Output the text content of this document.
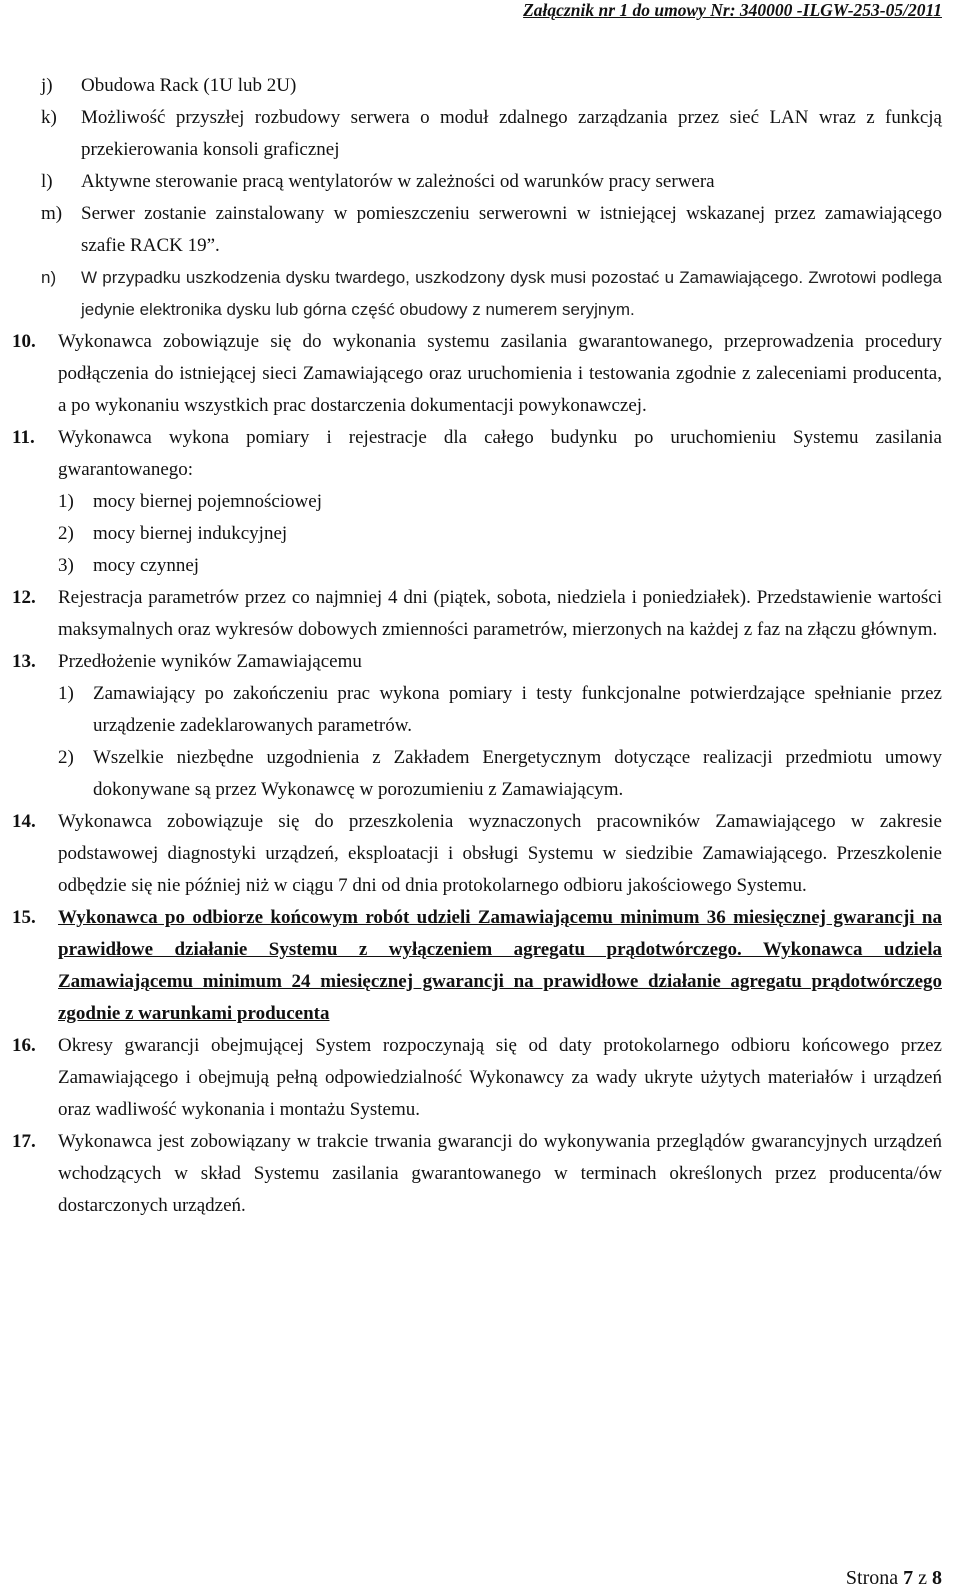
Załącznik nr 1 do umowy Nr: 340000 -ILGW-253-05/2011
j) Obudowa Rack (1U lub 2U)
k) Możliwość przyszłej rozbudowy serwera o moduł zdalnego zarządzania przez sieć LAN wraz z funkcją przekierowania konsoli graficznej
l) Aktywne sterowanie pracą wentylatorów w zależności od warunków pracy serwera
m) Serwer zostanie zainstalowany w pomieszczeniu serwerowni w istniejącej wskazanej przez zamawiającego szafie RACK 19”.
n) W przypadku uszkodzenia dysku twardego, uszkodzony dysk musi pozostać u Zamawiającego. Zwrotowi podlega jedynie elektronika dysku lub górna część obudowy z numerem seryjnym.
10. Wykonawca zobowiązuje się do wykonania systemu zasilania gwarantowanego, przeprowadzenia procedury podłączenia do istniejącej sieci Zamawiającego oraz uruchomienia i testowania zgodnie z zaleceniami producenta, a po wykonaniu wszystkich prac dostarczenia dokumentacji powykonawczej.
11. Wykonawca wykona pomiary i rejestracje dla całego budynku po uruchomieniu Systemu zasilania gwarantowanego:
1) mocy biernej pojemnościowej
2) mocy biernej indukcyjnej
3) mocy czynnej
12. Rejestracja parametrów przez co najmniej 4 dni (piątek, sobota, niedziela i poniedziałek). Przedstawienie wartości maksymalnych oraz wykresów dobowych zmienności parametrów, mierzonych na każdej z faz na złączu głównym.
13. Przedłożenie wyników Zamawiającemu
1) Zamawiający po zakończeniu prac wykona pomiary i testy funkcjonalne potwierdzające spełnianie przez urządzenie zadeklarowanych parametrów.
2) Wszelkie niezbędne uzgodnienia z Zakładem Energetycznym dotyczące realizacji przedmiotu umowy dokonywane są przez Wykonawcę w porozumieniu z Zamawiającym.
14. Wykonawca zobowiązuje się do przeszkolenia wyznaczonych pracowników Zamawiającego w zakresie podstawowej diagnostyki urządzeń, eksploatacji i obsługi Systemu w siedzibie Zamawiającego. Przeszkolenie odbędzie się nie później niż w ciągu 7 dni od dnia protokolarnego odbioru jakościowego Systemu.
15. Wykonawca po odbiorze końcowym robót udzieli Zamawiającemu minimum 36 miesięcznej gwarancji na prawidłowe działanie Systemu z wyłączeniem agregatu prądotwórczego. Wykonawca udziela Zamawiającemu minimum 24 miesięcznej gwarancji na prawidłowe działanie agregatu prądotwórczego zgodnie z warunkami producenta
16. Okresy gwarancji obejmującej System rozpoczynają się od daty protokolarnego odbioru końcowego przez Zamawiającego i obejmują pełną odpowiedzialność Wykonawcy za wady ukryte użytych materiałów i urządzeń oraz wadliwość wykonania i montażu Systemu.
17. Wykonawca jest zobowiązany w trakcie trwania gwarancji do wykonywania przeglądów gwarancyjnych urządzeń wchodzących w skład Systemu zasilania gwarantowanego w terminach określonych przez producenta/ów dostarczonych urządzeń.
Strona 7 z 8
